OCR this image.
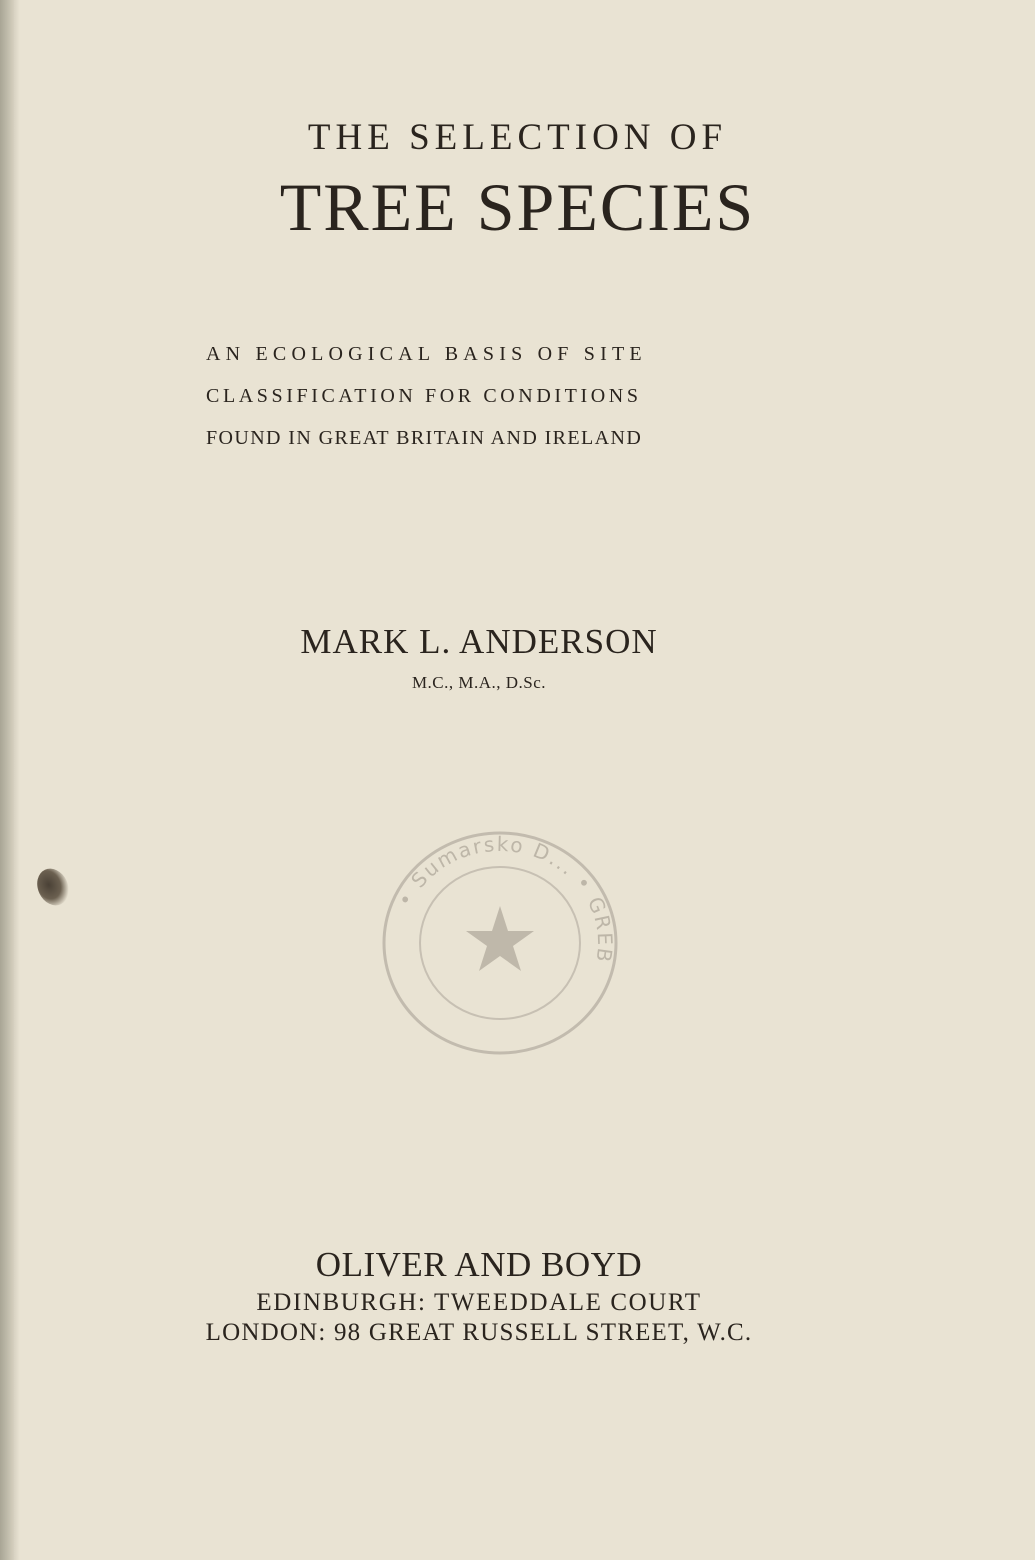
THE SELECTION OF
TREE SPECIES
AN ECOLOGICAL BASIS OF SITE
CLASSIFICATION FOR CONDITIONS
FOUND IN GREAT BRITAIN AND IRELAND
MARK L. ANDERSON
M.C., M.A., D.Sc.
• Sumarsko D... • GREB
OLIVER AND BOYD
EDINBURGH: TWEEDDALE COURT
LONDON: 98 GREAT RUSSELL STREET, W.C.
